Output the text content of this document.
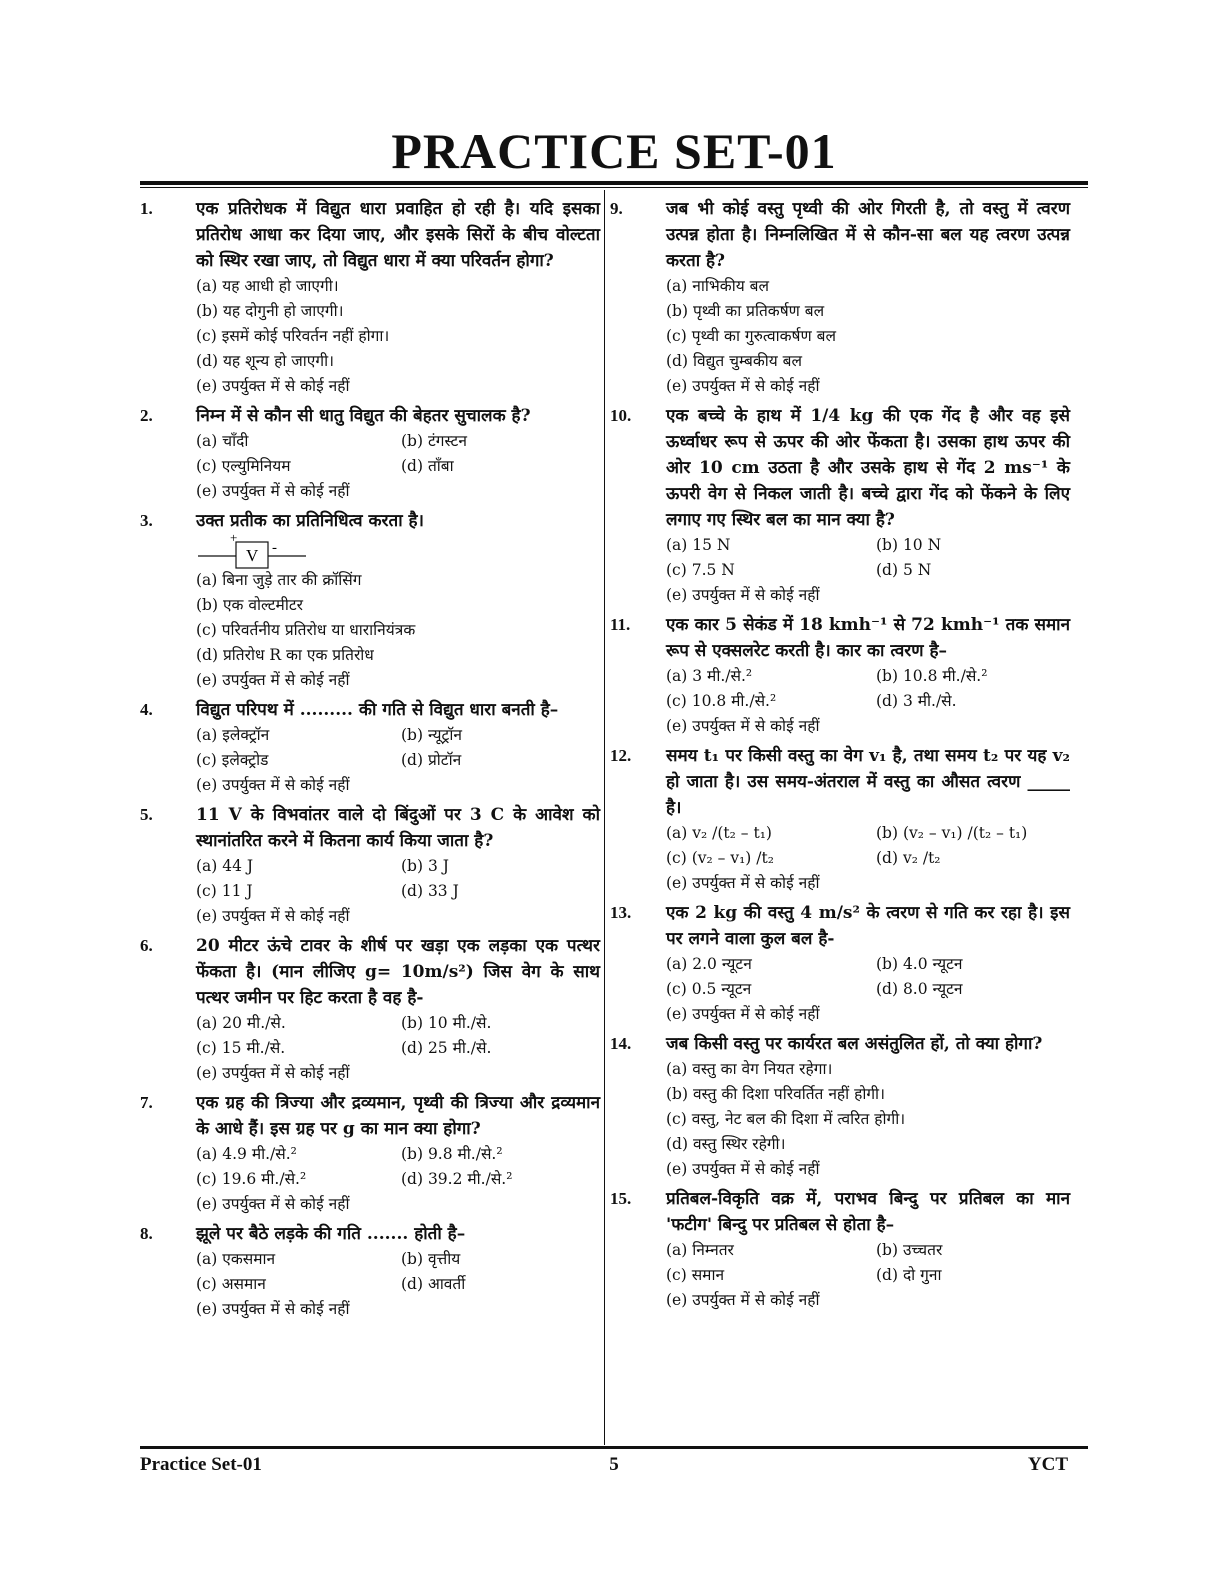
PRACTICE SET-01
1.	एक प्रतिरोधक में विद्युत धारा प्रवाहित हो रही है। यदि इसका प्रतिरोध आधा कर दिया जाए, और इसके सिरों के बीच वोल्टता को स्थिर रखा जाए, तो विद्युत धारा में क्या परिवर्तन होगा?
(a) यह आधी हो जाएगी।
(b) यह दोगुनी हो जाएगी।
(c) इसमें कोई परिवर्तन नहीं होगा।
(d) यह शून्य हो जाएगी।
(e) उपर्युक्त में से कोई नहीं
2.	निम्न में से कौन सी धातु विद्युत की बेहतर सुचालक है?
(a) चाँदी	(b) टंगस्टन
(c) एल्युमिनियम	(d) ताँबा
(e) उपर्युक्त में से कोई नहीं
3.	उक्त प्रतीक का प्रतिनिधित्व करता है।
V
+
-
(a) बिना जुड़े तार की क्रॉसिंग
(b) एक वोल्टमीटर
(c) परिवर्तनीय प्रतिरोध या धारानियंत्रक
(d) प्रतिरोध R का एक प्रतिरोध
(e) उपर्युक्त में से कोई नहीं
4.	विद्युत परिपथ में ......... की गति से विद्युत धारा बनती है–
(a) इलेक्ट्रॉन	(b) न्यूट्रॉन
(c) इलेक्ट्रोड	(d) प्रोटॉन
(e) उपर्युक्त में से कोई नहीं
5.	11 V के विभवांतर वाले दो बिंदुओं पर 3 C के आवेश को स्थानांतरित करने में कितना कार्य किया जाता है?
(a) 44 J	(b) 3 J
(c) 11 J	(d) 33 J
(e) उपर्युक्त में से कोई नहीं
6.	20 मीटर ऊंचे टावर के शीर्ष पर खड़ा एक लड़का एक पत्थर फेंकता है। (मान लीजिए g= 10m/s²) जिस वेग के साथ पत्थर जमीन पर हिट करता है वह है-
(a) 20 मी./से.	(b) 10 मी./से.
(c) 15 मी./से.	(d) 25 मी./से.
(e) उपर्युक्त में से कोई नहीं
7.	एक ग्रह की त्रिज्या और द्रव्यमान, पृथ्वी की त्रिज्या और द्रव्यमान के आधे हैं। इस ग्रह पर g का मान क्या होगा?
(a) 4.9 मी./से.²	(b) 9.8 मी./से.²
(c) 19.6 मी./से.²	(d) 39.2 मी./से.²
(e) उपर्युक्त में से कोई नहीं
8.	झूले पर बैठे लड़के की गति ....... होती है–
(a) एकसमान	(b) वृत्तीय
(c) असमान	(d) आवर्ती
(e) उपर्युक्त में से कोई नहीं
9.	जब भी कोई वस्तु पृथ्वी की ओर गिरती है, तो वस्तु में त्वरण उत्पन्न होता है। निम्नलिखित में से कौन-सा बल यह त्वरण उत्पन्न करता है?
(a) नाभिकीय बल
(b) पृथ्वी का प्रतिकर्षण बल
(c) पृथ्वी का गुरुत्वाकर्षण बल
(d) विद्युत चुम्बकीय बल
(e) उपर्युक्त में से कोई नहीं
10. एक बच्चे के हाथ में 1/4 kg की एक गेंद है और वह इसे ऊर्ध्वाधर रूप से ऊपर की ओर फेंकता है। उसका हाथ ऊपर की ओर 10 cm उठता है और उसके हाथ से गेंद 2 ms⁻¹ के ऊपरी वेग से निकल जाती है। बच्चे द्वारा गेंद को फेंकने के लिए लगाए गए स्थिर बल का मान क्या है?
(a) 15 N	(b) 10 N
(c) 7.5 N	(d) 5 N
(e) उपर्युक्त में से कोई नहीं
11. एक कार 5 सेकंड में 18 kmh⁻¹ से 72 kmh⁻¹ तक समान रूप से एक्सलरेट करती है। कार का त्वरण है–
(a) 3 मी./से.²	(b) 10.8 मी./से.²
(c) 10.8 मी./से.²	(d) 3 मी./से.
(e) उपर्युक्त में से कोई नहीं
12. समय t₁ पर किसी वस्तु का वेग v₁ है, तथा समय t₂ पर यह v₂ हो जाता है। उस समय-अंतराल में वस्तु का औसत त्वरण _____ है।
(a) v₂ /(t₂ – t₁)	(b) (v₂ – v₁) /(t₂ – t₁)
(c) (v₂ – v₁) /t₂	(d) v₂ /t₂
(e) उपर्युक्त में से कोई नहीं
13. एक 2 kg की वस्तु 4 m/s² के त्वरण से गति कर रहा है। इस पर लगने वाला कुल बल है-
(a) 2.0 न्यूटन	(b) 4.0 न्यूटन
(c) 0.5 न्यूटन	(d) 8.0 न्यूटन
(e) उपर्युक्त में से कोई नहीं
14. जब किसी वस्तु पर कार्यरत बल असंतुलित हों, तो क्या होगा?
(a) वस्तु का वेग नियत रहेगा।
(b) वस्तु की दिशा परिवर्तित नहीं होगी।
(c) वस्तु, नेट बल की दिशा में त्वरित होगी।
(d) वस्तु स्थिर रहेगी।
(e) उपर्युक्त में से कोई नहीं
15. प्रतिबल-विकृति वक्र में, पराभव बिन्दु पर प्रतिबल का मान 'फटीग' बिन्दु पर प्रतिबल से होता है–
(a) निम्नतर	(b) उच्चतर
(c) समान	(d) दो गुना
(e) उपर्युक्त में से कोई नहीं
Practice Set-01	5	YCT
